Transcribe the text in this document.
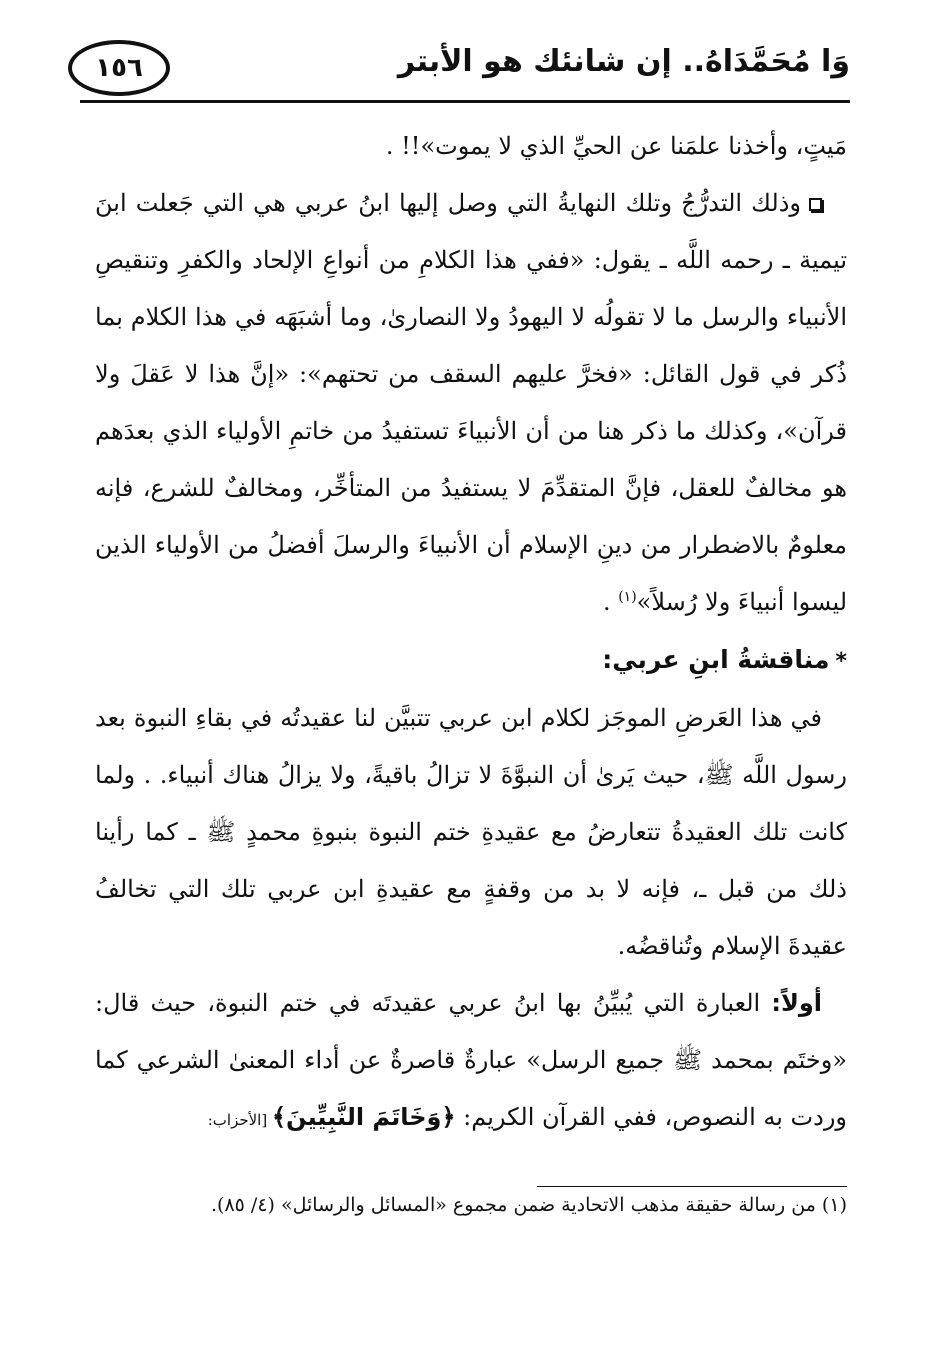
وَا مُحَمَّدَاهُ.. إن شانئك هو الأبتر
١٥٦

مَيتٍ، وأخذنا علمَنا عن الحيِّ الذي لا يموت»!! .

وذلك التدرُّجُ وتلك النهايةُ التي وصل إليها ابنُ عربي هي التي جَعلت ابنَ تيمية ـ رحمه اللَّه ـ يقول: «ففي هذا الكلامِ من أنواعِ الإلحاد والكفرِ وتنقيصِ الأنبياء والرسل ما لا تقولُه لا اليهودُ ولا النصارىٰ، وما أشبَهَه في هذا الكلام بما ذُكر في قول القائل: «فخرَّ عليهم السقف من تحتهم»: «إنَّ هذا لا عَقلَ ولا قرآن»، وكذلك ما ذكر هنا من أن الأنبياءَ تستفيدُ من خاتمِ الأولياء الذي بعدَهم هو مخالفٌ للعقل، فإنَّ المتقدِّمَ لا يستفيدُ من المتأخِّر، ومخالفٌ للشرع، فإنه معلومٌ بالاضطرار من دينِ الإسلام أن الأنبياءَ والرسلَ أفضلُ من الأولياء الذين ليسوا أنبياءَ ولا رُسلاً»$^{(١)}$ .

*مناقشةُ ابنِ عربي:

في هذا العَرضِ الموجَز لكلام ابن عربي تتبيَّن لنا عقيدتُه في بقاءِ النبوة بعد رسول اللَّه ﷺ، حيث يَرىٰ أن النبوَّةَ لا تزالُ باقيةً، ولا يزالُ هناك أنبياء. . ولما كانت تلك العقيدةُ تتعارضُ مع عقيدةِ ختم النبوة بنبوةِ محمدٍ ﷺ ـ كما رأينا ذلك من قبل ـ، فإنه لا بد من وقفةٍ مع عقيدةِ ابن عربي تلك التي تخالفُ عقيدةَ الإسلام وتُناقضُه.

أولاً: العبارة التي يُبيِّنُ بها ابنُ عربي عقيدتَه في ختم النبوة، حيث قال: «وختَم بمحمد ﷺ جميع الرسل» عبارةٌ قاصرةٌ عن أداء المعنىٰ الشرعي كما وردت به النصوص، ففي القرآن الكريم: ﴿وَخَاتَمَ النَّبِيِّينَ﴾ [الأحزاب:

(١) من رسالة حقيقة مذهب الاتحادية ضمن مجموع «المسائل والرسائل» (٤/ ٨٥).
